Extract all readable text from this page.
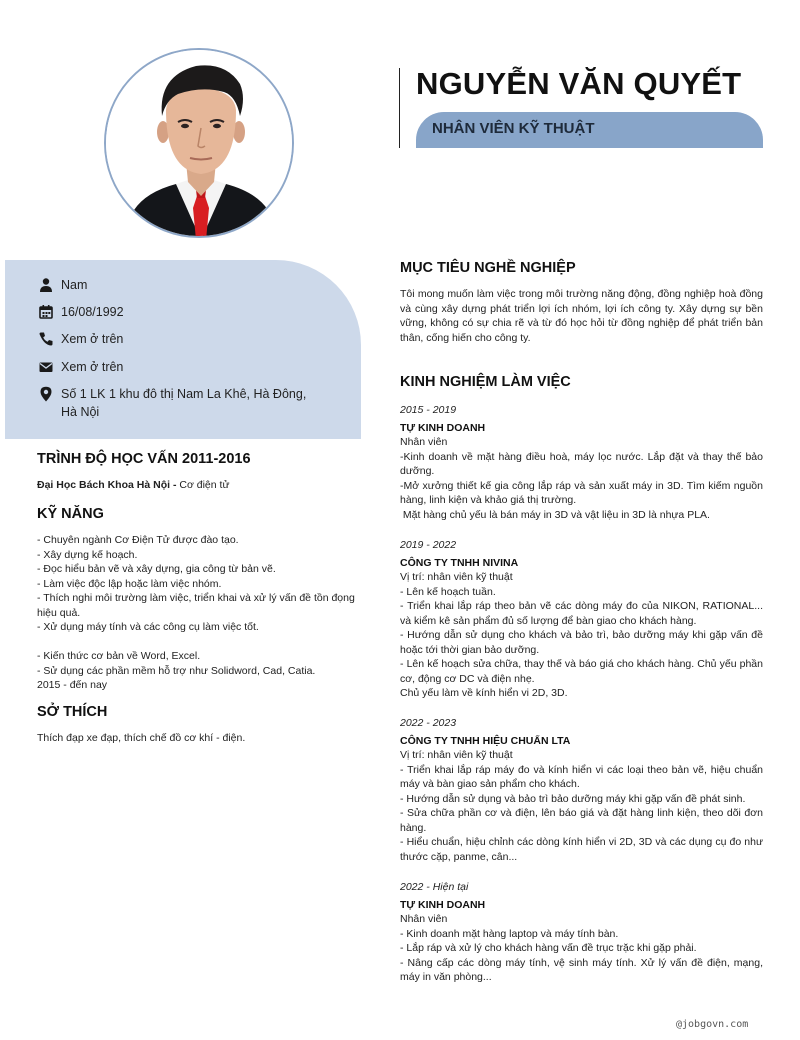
NGUYỄN VĂN QUYẾT
NHÂN VIÊN KỸ THUẬT
Nam
16/08/1992
Xem ở trên
Xem ở trên
Số 1 LK 1 khu đô thị Nam La Khê, Hà Đông, Hà Nội
TRÌNH ĐỘ HỌC VẤN 2011-2016
Đại Học Bách Khoa Hà Nội - Cơ điện tử
KỸ NĂNG
- Chuyên ngành Cơ Điện Tử được đào tạo.
- Xây dựng kế hoạch.
- Đọc hiểu bản vẽ và xây dựng, gia công từ bản vẽ.
- Làm việc độc lập hoặc làm việc nhóm.
- Thích nghi môi trường làm việc, triển khai và xử lý vấn đề tồn đọng hiệu quả.
- Xử dụng máy tính và các công cụ làm việc tốt.
- Kiến thức cơ bản về Word, Excel.
- Sử dụng các phần mềm hỗ trợ như Solidword, Cad, Catia.
2015 - đến nay
SỞ THÍCH
Thích đạp xe đạp, thích chế đồ cơ khí - điện.
MỤC TIÊU NGHỀ NGHIỆP
Tôi mong muốn làm việc trong môi trường năng động, đồng nghiệp hoà đồng và cùng xây dựng phát triển lợi ích nhóm, lợi ích công ty. Xây dựng sự bền vững, không có sự chia rẽ và từ đó học hỏi từ đồng nghiệp để phát triển bản thân, cống hiến cho công ty.
KINH NGHIỆM LÀM VIỆC
2015 - 2019
TỰ KINH DOANH
Nhân viên
-Kinh doanh về mặt hàng điều hoà, máy lọc nước. Lắp đặt và thay thế bảo dưỡng.
-Mở xưởng thiết kế gia công lắp ráp và sản xuất máy in 3D. Tìm kiếm nguồn hàng, linh kiện và khảo giá thị trường.
Mặt hàng chủ yếu là bán máy in 3D và vật liệu in 3D là nhựa PLA.
2019 - 2022
CÔNG TY TNHH NIVINA
Vị trí: nhân viên kỹ thuật
- Lên kế hoạch tuần.
- Triển khai lắp ráp theo bản vẽ các dòng máy đo của NIKON, RATIONAL... và kiểm kê sản phẩm đủ số lượng để bàn giao cho khách hàng.
- Hướng dẫn sử dụng cho khách và bảo trì, bảo dưỡng máy khi gặp vấn đề hoặc tới thời gian bảo dưỡng.
- Lên kế hoạch sửa chữa, thay thế và báo giá cho khách hàng. Chủ yếu phần cơ, động cơ DC và điện nhẹ.
Chủ yếu làm về kính hiển vi 2D, 3D.
2022 - 2023
CÔNG TY TNHH HIỆU CHUẨN LTA
Vị trí: nhân viên kỹ thuật
- Triển khai lắp ráp máy đo và kính hiển vi các loại theo bản vẽ, hiệu chuẩn máy và bàn giao sản phẩm cho khách.
- Hướng dẫn sử dụng và bảo trì bảo dưỡng máy khi gặp vấn đề phát sinh.
- Sửa chữa phần cơ và điện, lên báo giá và đặt hàng linh kiện, theo dõi đơn hàng.
- Hiểu chuẩn, hiệu chỉnh các dòng kính hiển vi 2D, 3D và các dụng cụ đo như thước cặp, panme, cân...
2022 - Hiện tại
TỰ KINH DOANH
Nhân viên
- Kinh doanh mặt hàng laptop và máy tính bàn.
- Lắp ráp và xử lý cho khách hàng vấn đề trục trặc khi gặp phải.
- Nâng cấp các dòng máy tính, vệ sinh máy tính. Xử lý vấn đề điện, mạng, máy in văn phòng...
@jobgovn.com
